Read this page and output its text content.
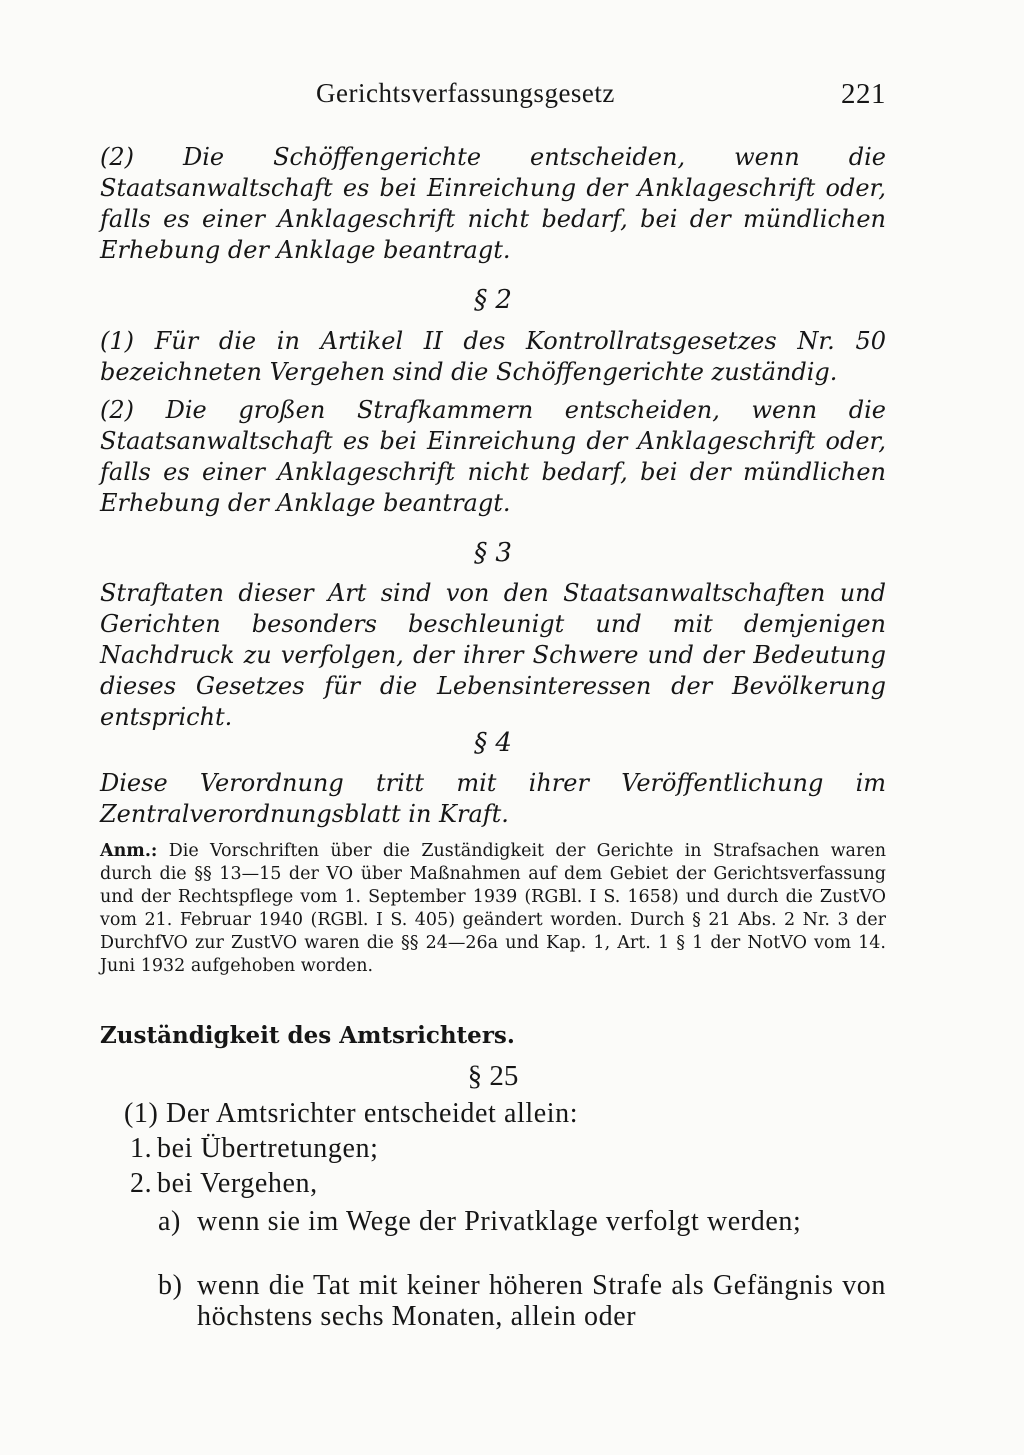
Gerichtsverfassungsgesetz	221
(2) Die Schöffengerichte entscheiden, wenn die Staatsanwaltschaft es bei Einreichung der Anklageschrift oder, falls es einer Anklageschrift nicht bedarf, bei der mündlichen Erhebung der Anklage beantragt.
§ 2
(1) Für die in Artikel II des Kontrollratsgesetzes Nr. 50 bezeichneten Vergehen sind die Schöffengerichte zuständig.
(2) Die großen Strafkammern entscheiden, wenn die Staatsanwaltschaft es bei Einreichung der Anklageschrift oder, falls es einer Anklageschrift nicht bedarf, bei der mündlichen Erhebung der Anklage beantragt.
§ 3
Straftaten dieser Art sind von den Staatsanwaltschaften und Gerichten besonders beschleunigt und mit demjenigen Nachdruck zu verfolgen, der ihrer Schwere und der Bedeutung dieses Gesetzes für die Lebensinteressen der Bevölkerung entspricht.
§ 4
Diese Verordnung tritt mit ihrer Veröffentlichung im Zentralverordnungsblatt in Kraft.
Anm.: Die Vorschriften über die Zuständigkeit der Gerichte in Strafsachen waren durch die §§ 13—15 der VO über Maßnahmen auf dem Gebiet der Gerichtsverfassung und der Rechtspflege vom 1. September 1939 (RGBl. I S. 1658) und durch die ZustVO vom 21. Februar 1940 (RGBl. I S. 405) geändert worden. Durch § 21 Abs. 2 Nr. 3 der DurchfVO zur ZustVO waren die §§ 24—26a und Kap. 1, Art. 1 § 1 der NotVO vom 14. Juni 1932 aufgehoben worden.
Zuständigkeit des Amtsrichters.
§ 25
(1) Der Amtsrichter entscheidet allein:
1. bei Übertretungen;
2. bei Vergehen,
a) wenn sie im Wege der Privatklage verfolgt werden;
b) wenn die Tat mit keiner höheren Strafe als Gefängnis von höchstens sechs Monaten, allein oder
